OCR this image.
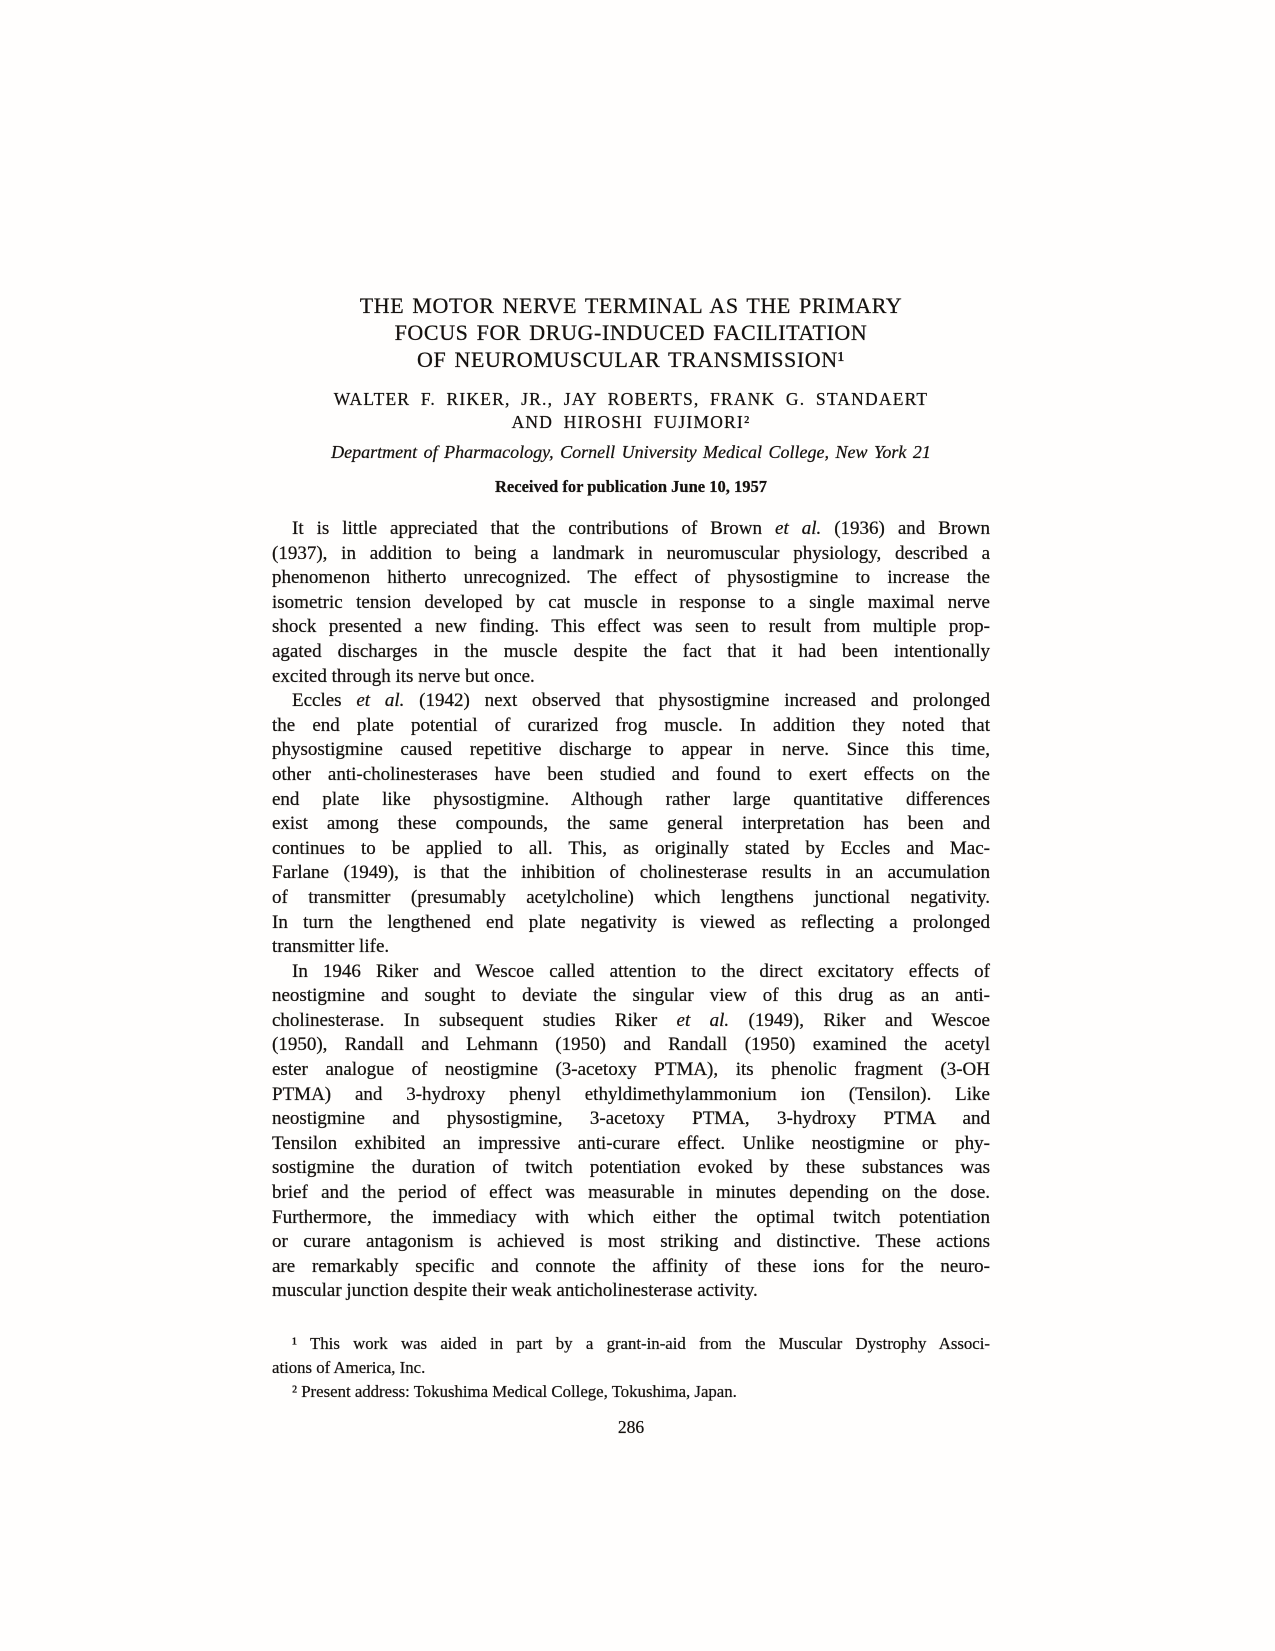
THE MOTOR NERVE TERMINAL AS THE PRIMARY
FOCUS FOR DRUG-INDUCED FACILITATION
OF NEUROMUSCULAR TRANSMISSION¹
WALTER F. RIKER, JR., JAY ROBERTS, FRANK G. STANDAERT
AND HIROSHI FUJIMORI²
Department of Pharmacology, Cornell University Medical College, New York 21
Received for publication June 10, 1957
It is little appreciated that the contributions of Brown et al. (1936) and Brown
(1937), in addition to being a landmark in neuromuscular physiology, described a
phenomenon hitherto unrecognized. The effect of physostigmine to increase the
isometric tension developed by cat muscle in response to a single maximal nerve
shock presented a new finding. This effect was seen to result from multiple prop-
agated discharges in the muscle despite the fact that it had been intentionally
excited through its nerve but once.
Eccles et al. (1942) next observed that physostigmine increased and prolonged
the end plate potential of curarized frog muscle. In addition they noted that
physostigmine caused repetitive discharge to appear in nerve. Since this time,
other anti-cholinesterases have been studied and found to exert effects on the
end plate like physostigmine. Although rather large quantitative differences
exist among these compounds, the same general interpretation has been and
continues to be applied to all. This, as originally stated by Eccles and Mac-
Farlane (1949), is that the inhibition of cholinesterase results in an accumulation
of transmitter (presumably acetylcholine) which lengthens junctional negativity.
In turn the lengthened end plate negativity is viewed as reflecting a prolonged
transmitter life.
In 1946 Riker and Wescoe called attention to the direct excitatory effects of
neostigmine and sought to deviate the singular view of this drug as an anti-
cholinesterase. In subsequent studies Riker et al. (1949), Riker and Wescoe
(1950), Randall and Lehmann (1950) and Randall (1950) examined the acetyl
ester analogue of neostigmine (3-acetoxy PTMA), its phenolic fragment (3-OH
PTMA) and 3-hydroxy phenyl ethyldimethylammonium ion (Tensilon). Like
neostigmine and physostigmine, 3-acetoxy PTMA, 3-hydroxy PTMA and
Tensilon exhibited an impressive anti-curare effect. Unlike neostigmine or phy-
sostigmine the duration of twitch potentiation evoked by these substances was
brief and the period of effect was measurable in minutes depending on the dose.
Furthermore, the immediacy with which either the optimal twitch potentiation
or curare antagonism is achieved is most striking and distinctive. These actions
are remarkably specific and connote the affinity of these ions for the neuro-
muscular junction despite their weak anticholinesterase activity.
¹ This work was aided in part by a grant-in-aid from the Muscular Dystrophy Associ-
ations of America, Inc.
² Present address: Tokushima Medical College, Tokushima, Japan.
286
